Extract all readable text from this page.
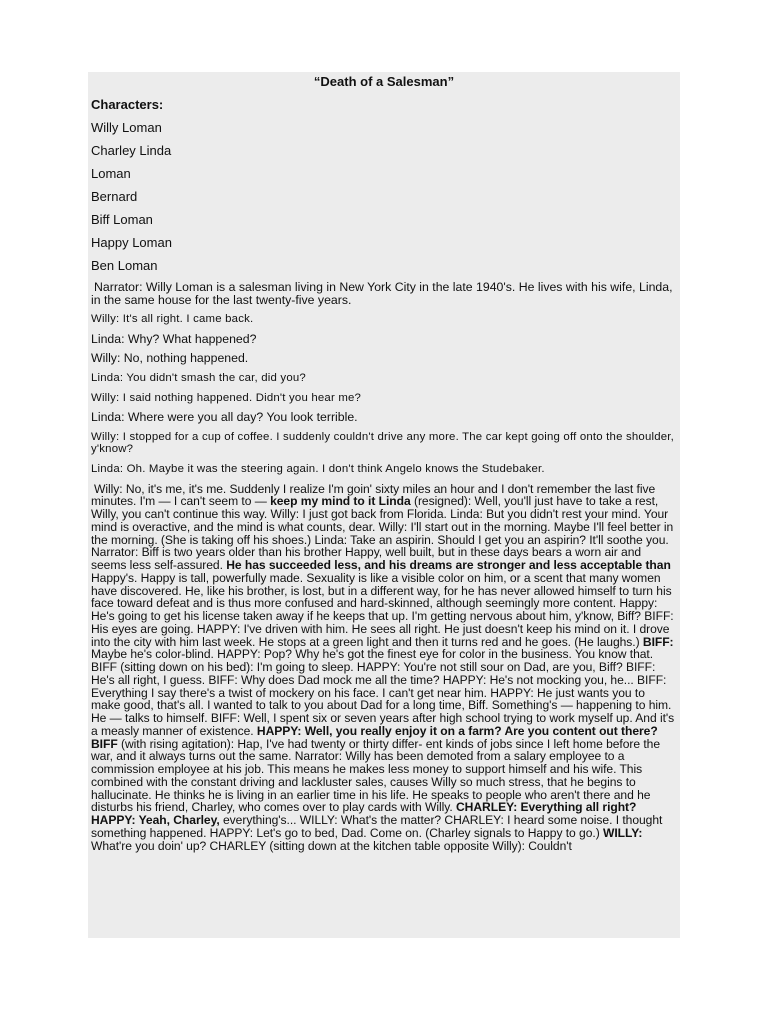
“Death of a Salesman”
Characters:
Willy Loman
Charley Linda
Loman
Bernard
Biff Loman
Happy Loman
Ben Loman
Narrator: Willy Loman is a salesman living in New York City in the late 1940's. He lives with his wife, Linda, in the same house for the last twenty-five years.
Willy: It's all right. I came back.
Linda: Why? What happened?
Willy: No, nothing happened.
Linda: You didn't smash the car, did you?
Willy: I said nothing happened. Didn't you hear me?
Linda: Where were you all day? You look terrible.
Willy: I stopped for a cup of coffee. I suddenly couldn't drive any more. The car kept going off onto the shoulder, y'know?
Linda: Oh. Maybe it was the steering again. I don't think Angelo knows the Studebaker.
Willy: No, it's me, it's me. Suddenly I realize I'm goin' sixty miles an hour and I don't remember the last five minutes. I'm — I can't seem to — keep my mind to it Linda (resigned): Well, you'll just have to take a rest, Willy, you can't continue this way. Willy: I just got back from Florida. Linda: But you didn't rest your mind. Your mind is overactive, and the mind is what counts, dear. Willy: I'll start out in the morning. Maybe I'll feel better in the morning. (She is taking off his shoes.) Linda: Take an aspirin. Should I get you an aspirin? It'll soothe you. Narrator: Biff is two years older than his brother Happy, well built, but in these days bears a worn air and seems less self-assured. He has succeeded less, and his dreams are stronger and less acceptable than Happy's. Happy is tall, powerfully made. Sexuality is like a visible color on him, or a scent that many women have discovered. He, like his brother, is lost, but in a different way, for he has never allowed himself to turn his face toward defeat and is thus more confused and hard-skinned, although seemingly more content. Happy: He's going to get his license taken away if he keeps that up. I'm getting nervous about him, y'know, Biff? BIFF: His eyes are going. HAPPY: I've driven with him. He sees all right. He just doesn't keep his mind on it. I drove into the city with him last week. He stops at a green light and then it turns red and he goes. (He laughs.) BIFF: Maybe he's color-blind. HAPPY: Pop? Why he's got the finest eye for color in the business. You know that. BIFF (sitting down on his bed): I'm going to sleep. HAPPY: You're not still sour on Dad, are you, Biff? BIFF: He's all right, I guess. BIFF: Why does Dad mock me all the time? HAPPY: He's not mocking you, he... BIFF: Everything I say there's a twist of mockery on his face. I can't get near him. HAPPY: He just wants you to make good, that's all. I wanted to talk to you about Dad for a long time, Biff. Something's — happening to him. He — talks to himself. BIFF: Well, I spent six or seven years after high school trying to work myself up. And it's a measly manner of existence. HAPPY: Well, you really enjoy it on a farm? Are you content out there? BIFF (with rising agitation): Hap, I've had twenty or thirty differ- ent kinds of jobs since I left home before the war, and it always turns out the same. Narrator: Willy has been demoted from a salary employee to a commission employee at his job. This means he makes less money to support himself and his wife. This combined with the constant driving and lackluster sales, causes Willy so much stress, that he begins to hallucinate. He thinks he is living in an earlier time in his life. He speaks to people who aren't there and he disturbs his friend, Charley, who comes over to play cards with Willy. CHARLEY: Everything all right? HAPPY: Yeah, Charley, everything's... WILLY: What's the matter? CHARLEY: I heard some noise. I thought something happened. HAPPY: Let's go to bed, Dad. Come on. (Charley signals to Happy to go.) WILLY: What're you doin' up? CHARLEY (sitting down at the kitchen table opposite Willy): Couldn't
